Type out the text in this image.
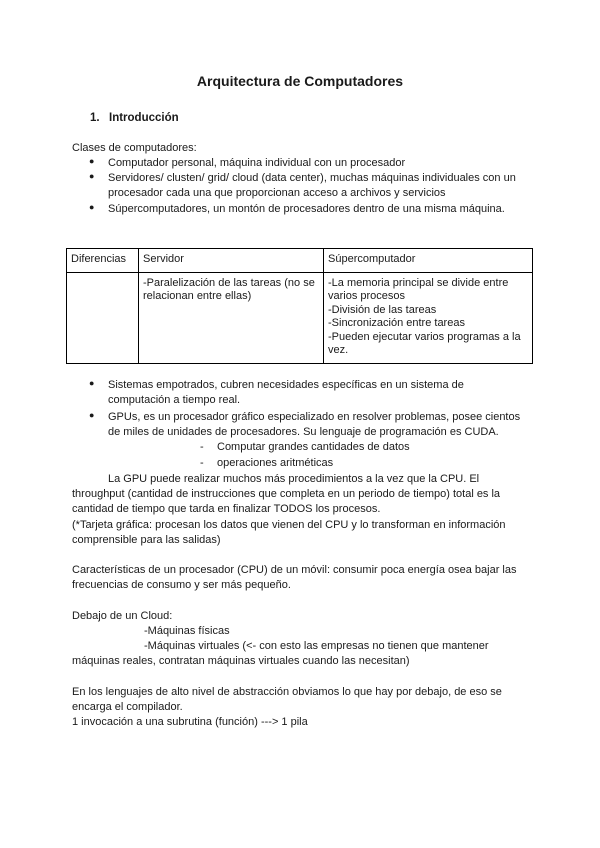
Arquitectura de Computadores
1. Introducción
Clases de computadores:
● Computador personal, máquina individual con un procesador
● Servidores/ clusten/ grid/ cloud (data center), muchas máquinas individuales con un procesador cada una que proporcionan acceso a archivos y servicios
● Súpercomputadores, un montón de procesadores dentro de una misma máquina.
Diferencias	Servidor	Súpercomputador
	-Paralelización de las tareas (no se relacionan entre ellas)	-La memoria principal se divide entre varios procesos
-División de las tareas
-Sincronización entre tareas
-Pueden ejecutar varios programas a la vez.
● Sistemas empotrados, cubren necesidades específicas en un sistema de computación a tiempo real.
● GPUs, es un procesador gráfico especializado en resolver problemas, posee cientos de miles de unidades de procesadores. Su lenguaje de programación es CUDA.
- Computar grandes cantidades de datos
- operaciones aritméticas
La GPU puede realizar muchos más procedimientos a la vez que la CPU. El throughput (cantidad de instrucciones que completa en un periodo de tiempo) total es la cantidad de tiempo que tarda en finalizar TODOS los procesos.
(*Tarjeta gráfica: procesan los datos que vienen del CPU y lo transforman en información comprensible para las salidas)
Características de un procesador (CPU) de un móvil: consumir poca energía osea bajar las frecuencias de consumo y ser más pequeño.
Debajo de un Cloud:
-Máquinas físicas
-Máquinas virtuales (<- con esto las empresas no tienen que mantener máquinas reales, contratan máquinas virtuales cuando las necesitan)
En los lenguajes de alto nivel de abstracción obviamos lo que hay por debajo, de eso se encarga el compilador.
1 invocación a una subrutina (función) ---> 1 pila
